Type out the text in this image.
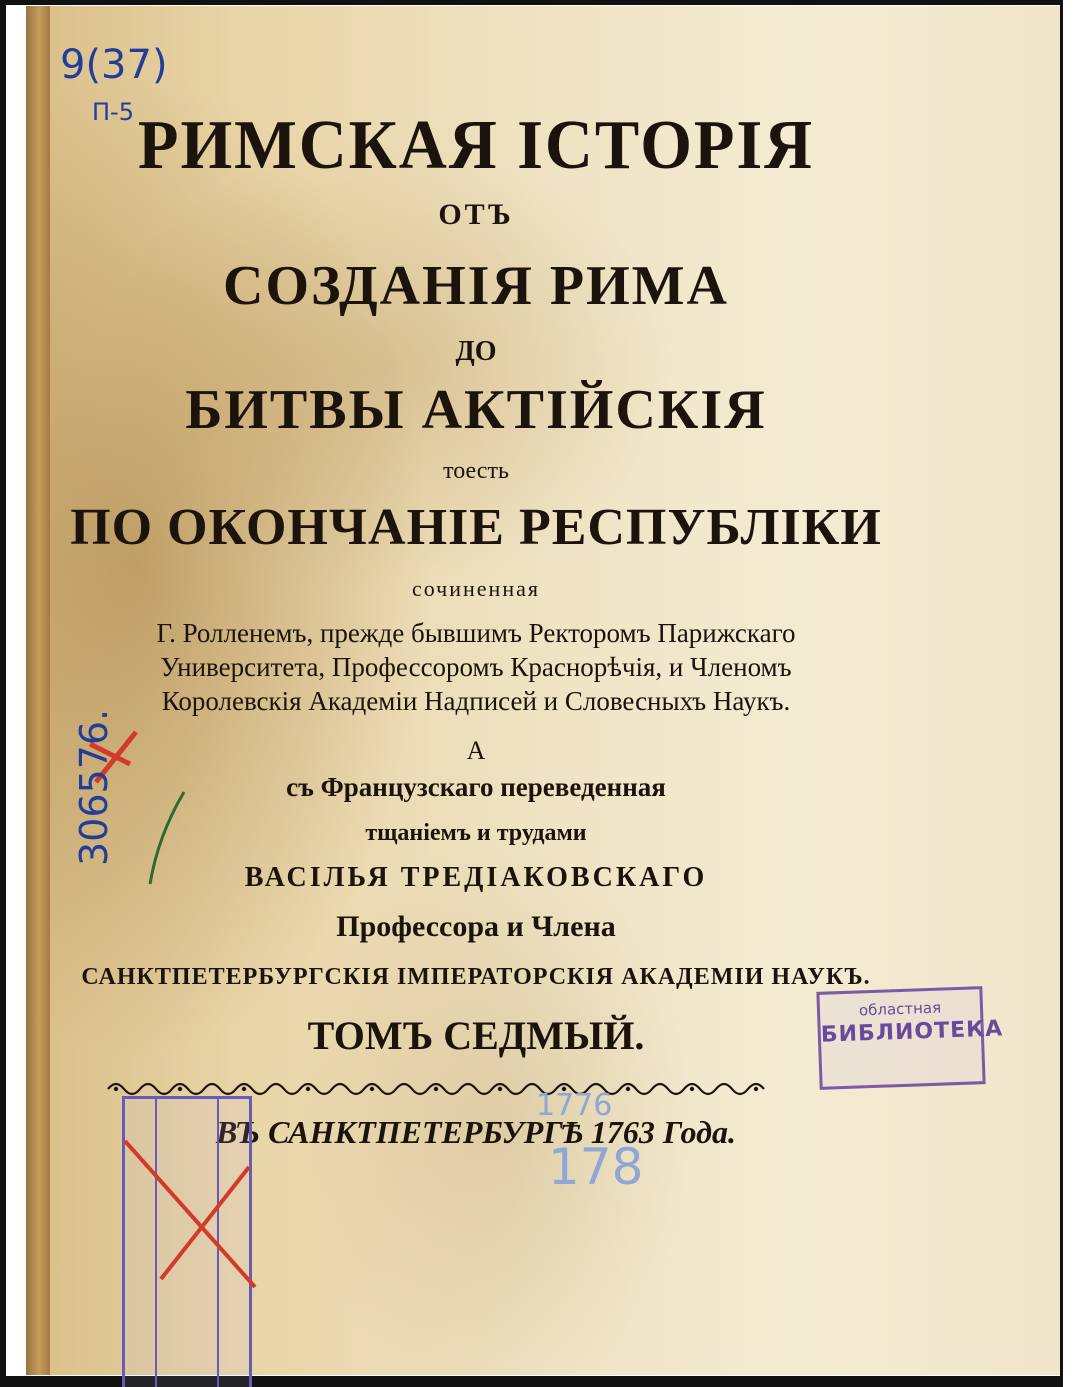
9(37)
П-5 РИМСКАЯ ІСТОРІЯ
ОТЪ
СОЗДАНІЯ РИМА
ДО
БИТВЫ АКТІЙСКІЯ
тоесть
ПО ОКОНЧАНІЕ РЕСПУБЛІКИ
сочиненная
Г. Ролленемъ, прежде бывшимъ Ректоромъ Парижскаго
Университета, Профессоромъ Краснорѣчія, и Членомъ
Королевскія Академіи Надписей и Словесныхъ Наукъ.
А
съ Французскаго переведенная
тщаніемъ и трудами
ВАСІЛЬЯ ТРЕДІАКОВСКАГО
Профессора и Члена
САНКТПЕТЕРБУРГСКІЯ ІМПЕРАТОРСКІЯ АКАДЕМІИ НАУКЪ.
ТОМЪ СЕДМЫЙ.
ВЪ САНКТПЕТЕРБУРГѢ 1763 Года.
1776
178
306576.
областная
БИБЛИОТЕКА
